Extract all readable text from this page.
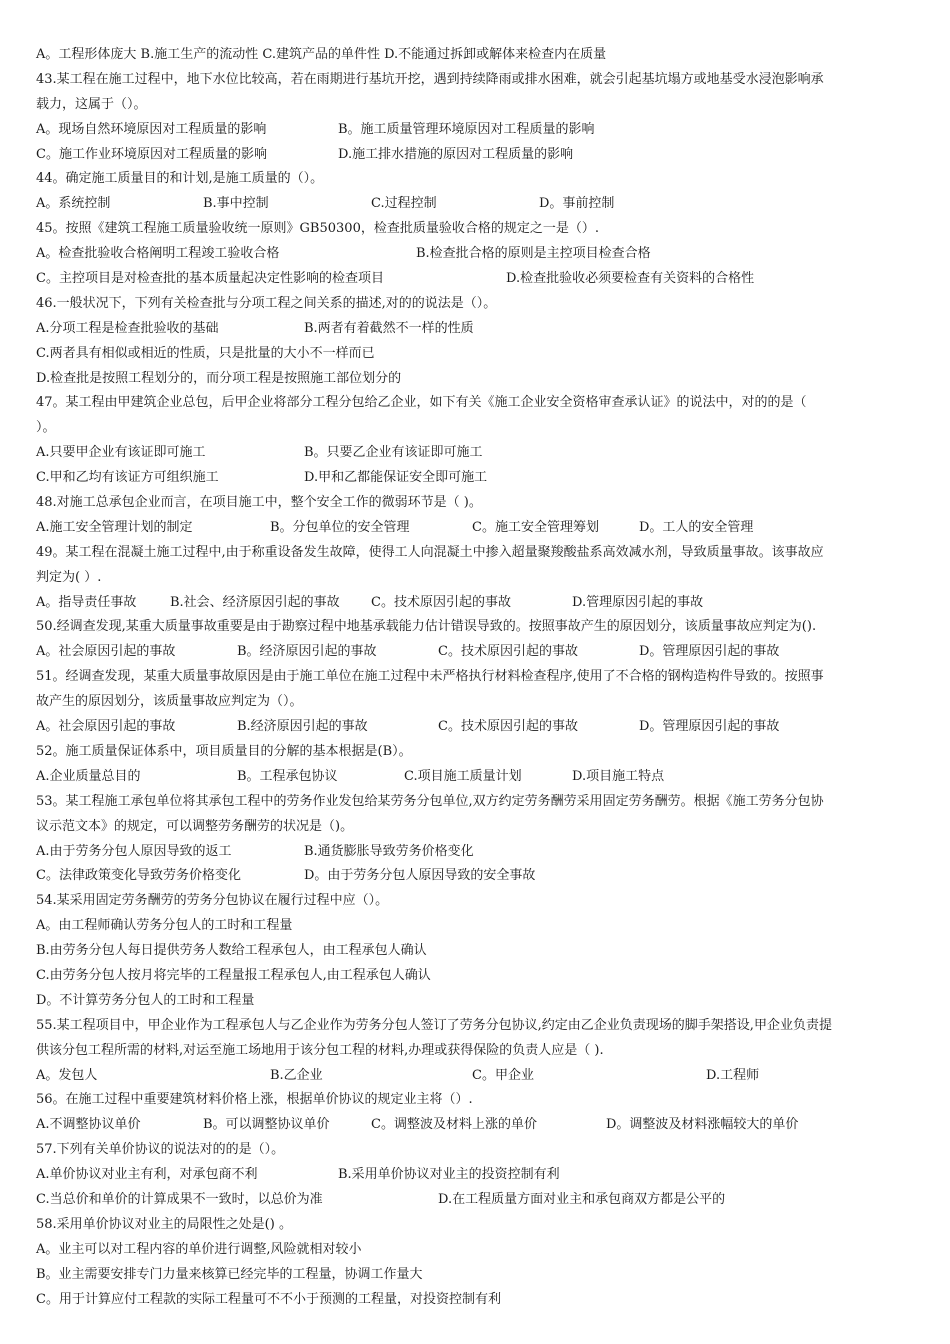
A。工程形体庞大 B.施工生产的流动性 C.建筑产品的单件性 D.不能通过拆卸或解体来检查内在质量
43.某工程在施工过程中，地下水位比较高，若在雨期进行基坑开挖，遇到持续降雨或排水困难，就会引起基坑塌方或地基受水浸泡影响承
载力，这属于（）。
A。现场自然环境原因对工程质量的影响	B。施工质量管理环境原因对工程质量的影响
C。施工作业环境原因对工程质量的影响	D.施工排水措施的原因对工程质量的影响
44。确定施工质量目的和计划,是施工质量的（）。
A。系统控制	B.事中控制	C.过程控制	D。事前控制
45。按照《建筑工程施工质量验收统一原则》GB50300，检查批质量验收合格的规定之一是（）.
A。检查批验收合格阐明工程竣工验收合格	B.检查批合格的原则是主控项目检查合格
C。主控项目是对检查批的基本质量起决定性影响的检查项目	D.检查批验收必须要检查有关资料的合格性
46.一般状况下，下列有关检查批与分项工程之间关系的描述,对的的说法是（）。
A.分项工程是检查批验收的基础	B.两者有着截然不一样的性质
C.两者具有相似或相近的性质，只是批量的大小不一样而已
D.检查批是按照工程划分的，而分项工程是按照施工部位划分的
47。某工程由甲建筑企业总包，后甲企业将部分工程分包给乙企业，如下有关《施工企业安全资格审查承认证》的说法中，对的的是（
）。
A.只要甲企业有该证即可施工	B。只要乙企业有该证即可施工
C.甲和乙均有该证方可组织施工	D.甲和乙都能保证安全即可施工
48.对施工总承包企业而言，在项目施工中，整个安全工作的微弱环节是（ )。
A.施工安全管理计划的制定	B。分包单位的安全管理	C。施工安全管理筹划	D。工人的安全管理
49。某工程在混凝土施工过程中,由于称重设备发生故障，使得工人向混凝土中掺入超量聚羧酸盐系高效减水剂，导致质量事故。该事故应
判定为( ）.
A。指导责任事故	B.社会、经济原因引起的事故 C。技术原因引起的事故	D.管理原因引起的事故
50.经调查发现,某重大质量事故重要是由于勘察过程中地基承载能力估计错误导致的。按照事故产生的原因划分，该质量事故应判定为().
A。社会原因引起的事故	B。经济原因引起的事故	C。技术原因引起的事故	D。管理原因引起的事故
51。经调查发现，某重大质量事故原因是由于施工单位在施工过程中未严格执行材料检查程序,使用了不合格的钢构造构件导致的。按照事
故产生的原因划分，该质量事故应判定为（）。
A。社会原因引起的事故	B.经济原因引起的事故	C。技术原因引起的事故	D。管理原因引起的事故
52。施工质量保证体系中，项目质量目的分解的基本根据是(B）。
A.企业质量总目的	B。工程承包协议	C.项目施工质量计划	D.项目施工特点
53。某工程施工承包单位将其承包工程中的劳务作业发包给某劳务分包单位,双方约定劳务酬劳采用固定劳务酬劳。根据《施工劳务分包协
议示范文本》的规定，可以调整劳务酬劳的状况是（)。
A.由于劳务分包人原因导致的返工	B.通货膨胀导致劳务价格变化
C。法律政策变化导致劳务价格变化	D。由于劳务分包人原因导致的安全事故
54.某采用固定劳务酬劳的劳务分包协议在履行过程中应（）。
A。由工程师确认劳务分包人的工时和工程量
B.由劳务分包人每日提供劳务人数给工程承包人，由工程承包人确认
C.由劳务分包人按月将完毕的工程量报工程承包人,由工程承包人确认
D。不计算劳务分包人的工时和工程量
55.某工程项目中，甲企业作为工程承包人与乙企业作为劳务分包人签订了劳务分包协议,约定由乙企业负责现场的脚手架搭设,甲企业负责提
供该分包工程所需的材料,对运至施工场地用于该分包工程的材料,办理或获得保险的负责人应是（ ).
A。发包人	B.乙企业	C。甲企业	D.工程师
56。在施工过程中重要建筑材料价格上涨，根据单价协议的规定业主将（）.
A.不调整协议单价	B。可以调整协议单价	C。调整波及材料上涨的单价	D。调整波及材料涨幅较大的单价
57.下列有关单价协议的说法对的的是（）。
A.单价协议对业主有利，对承包商不利	B.采用单价协议对业主的投资控制有利
C.当总价和单价的计算成果不一致时，以总价为准	D.在工程质量方面对业主和承包商双方都是公平的
58.采用单价协议对业主的局限性之处是() 。
A。业主可以对工程内容的单价进行调整,风险就相对较小
B。业主需要安排专门力量来核算已经完毕的工程量，协调工作量大
C。用于计算应付工程款的实际工程量可不不小于预测的工程量，对投资控制有利
